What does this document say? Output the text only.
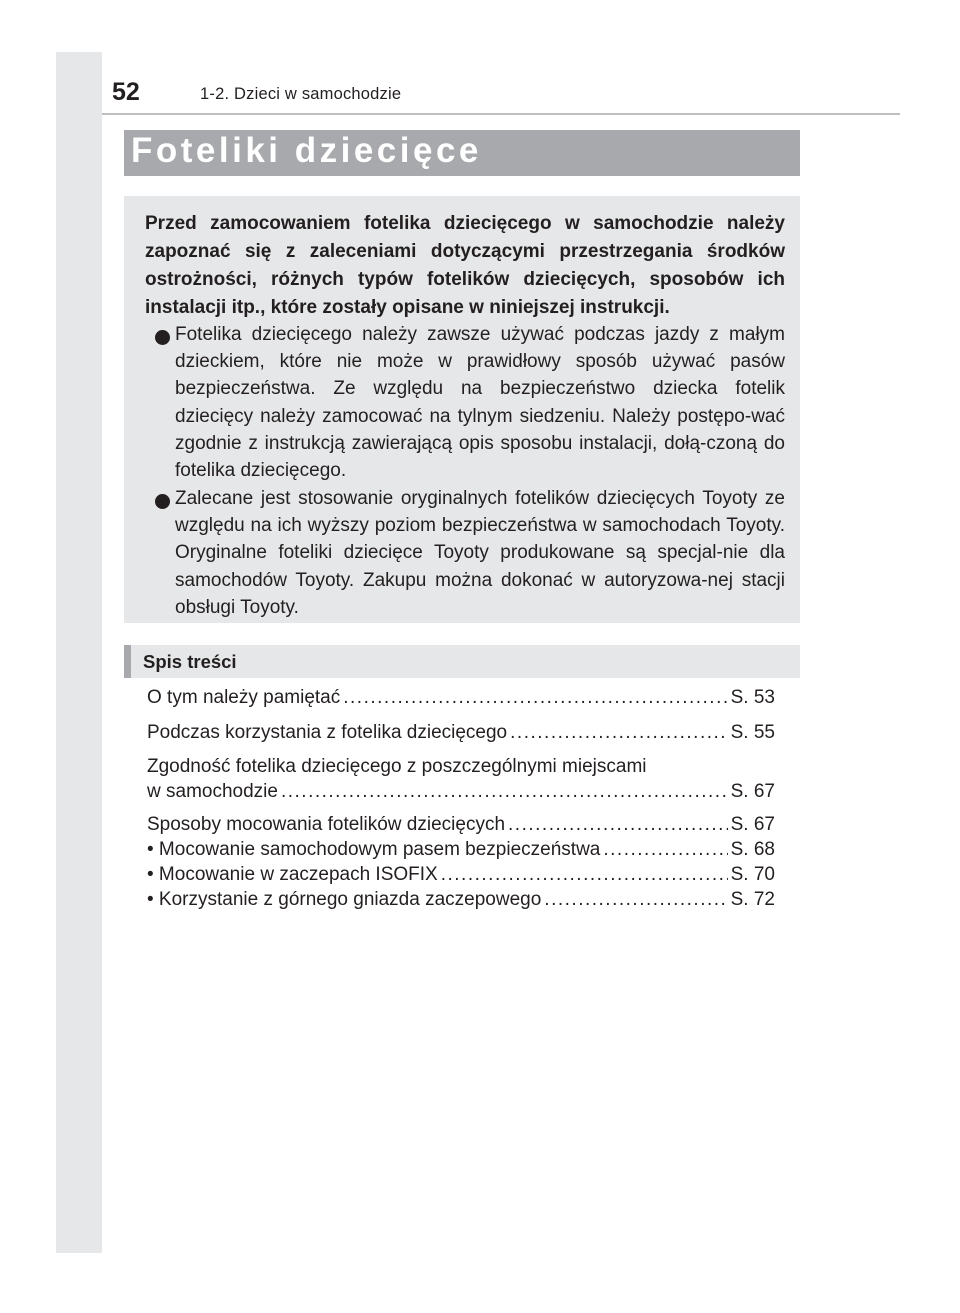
52	1-2. Dzieci w samochodzie
Foteliki dziecięce

Przed zamocowaniem fotelika dziecięcego w samochodzie należy zapoznać się z zaleceniami dotyczącymi przestrzegania środków ostrożności, różnych typów fotelików dziecięcych, sposobów ich instalacji itp., które zostały opisane w niniejszej instrukcji.

Fotelika dziecięcego należy zawsze używać podczas jazdy z małym dzieckiem, które nie może w prawidłowy sposób używać pasów bezpieczeństwa. Ze względu na bezpieczeństwo dziecka fotelik dziecięcy należy zamocować na tylnym siedzeniu. Należy postępo-wać zgodnie z instrukcją zawierającą opis sposobu instalacji, dołą-czoną do fotelika dziecięcego.

Zalecane jest stosowanie oryginalnych fotelików dziecięcych Toyoty ze względu na ich wyższy poziom bezpieczeństwa w samochodach Toyoty. Oryginalne foteliki dziecięce Toyoty produkowane są specjal-nie dla samochodów Toyoty. Zakupu można dokonać w autoryzowa-nej stacji obsługi Toyoty.

Spis treści
O tym należy pamiętać .....	S. 53
Podczas korzystania z fotelika dziecięcego .....	S. 55
Zgodność fotelika dziecięcego z poszczególnymi miejscami
w samochodzie .....	S. 67
Sposoby mocowania fotelików dziecięcych .....	S. 67
• Mocowanie samochodowym pasem bezpieczeństwa .....	S. 68
• Mocowanie w zaczepach ISOFIX .....	S. 70
• Korzystanie z górnego gniazda zaczepowego .....	S. 72
